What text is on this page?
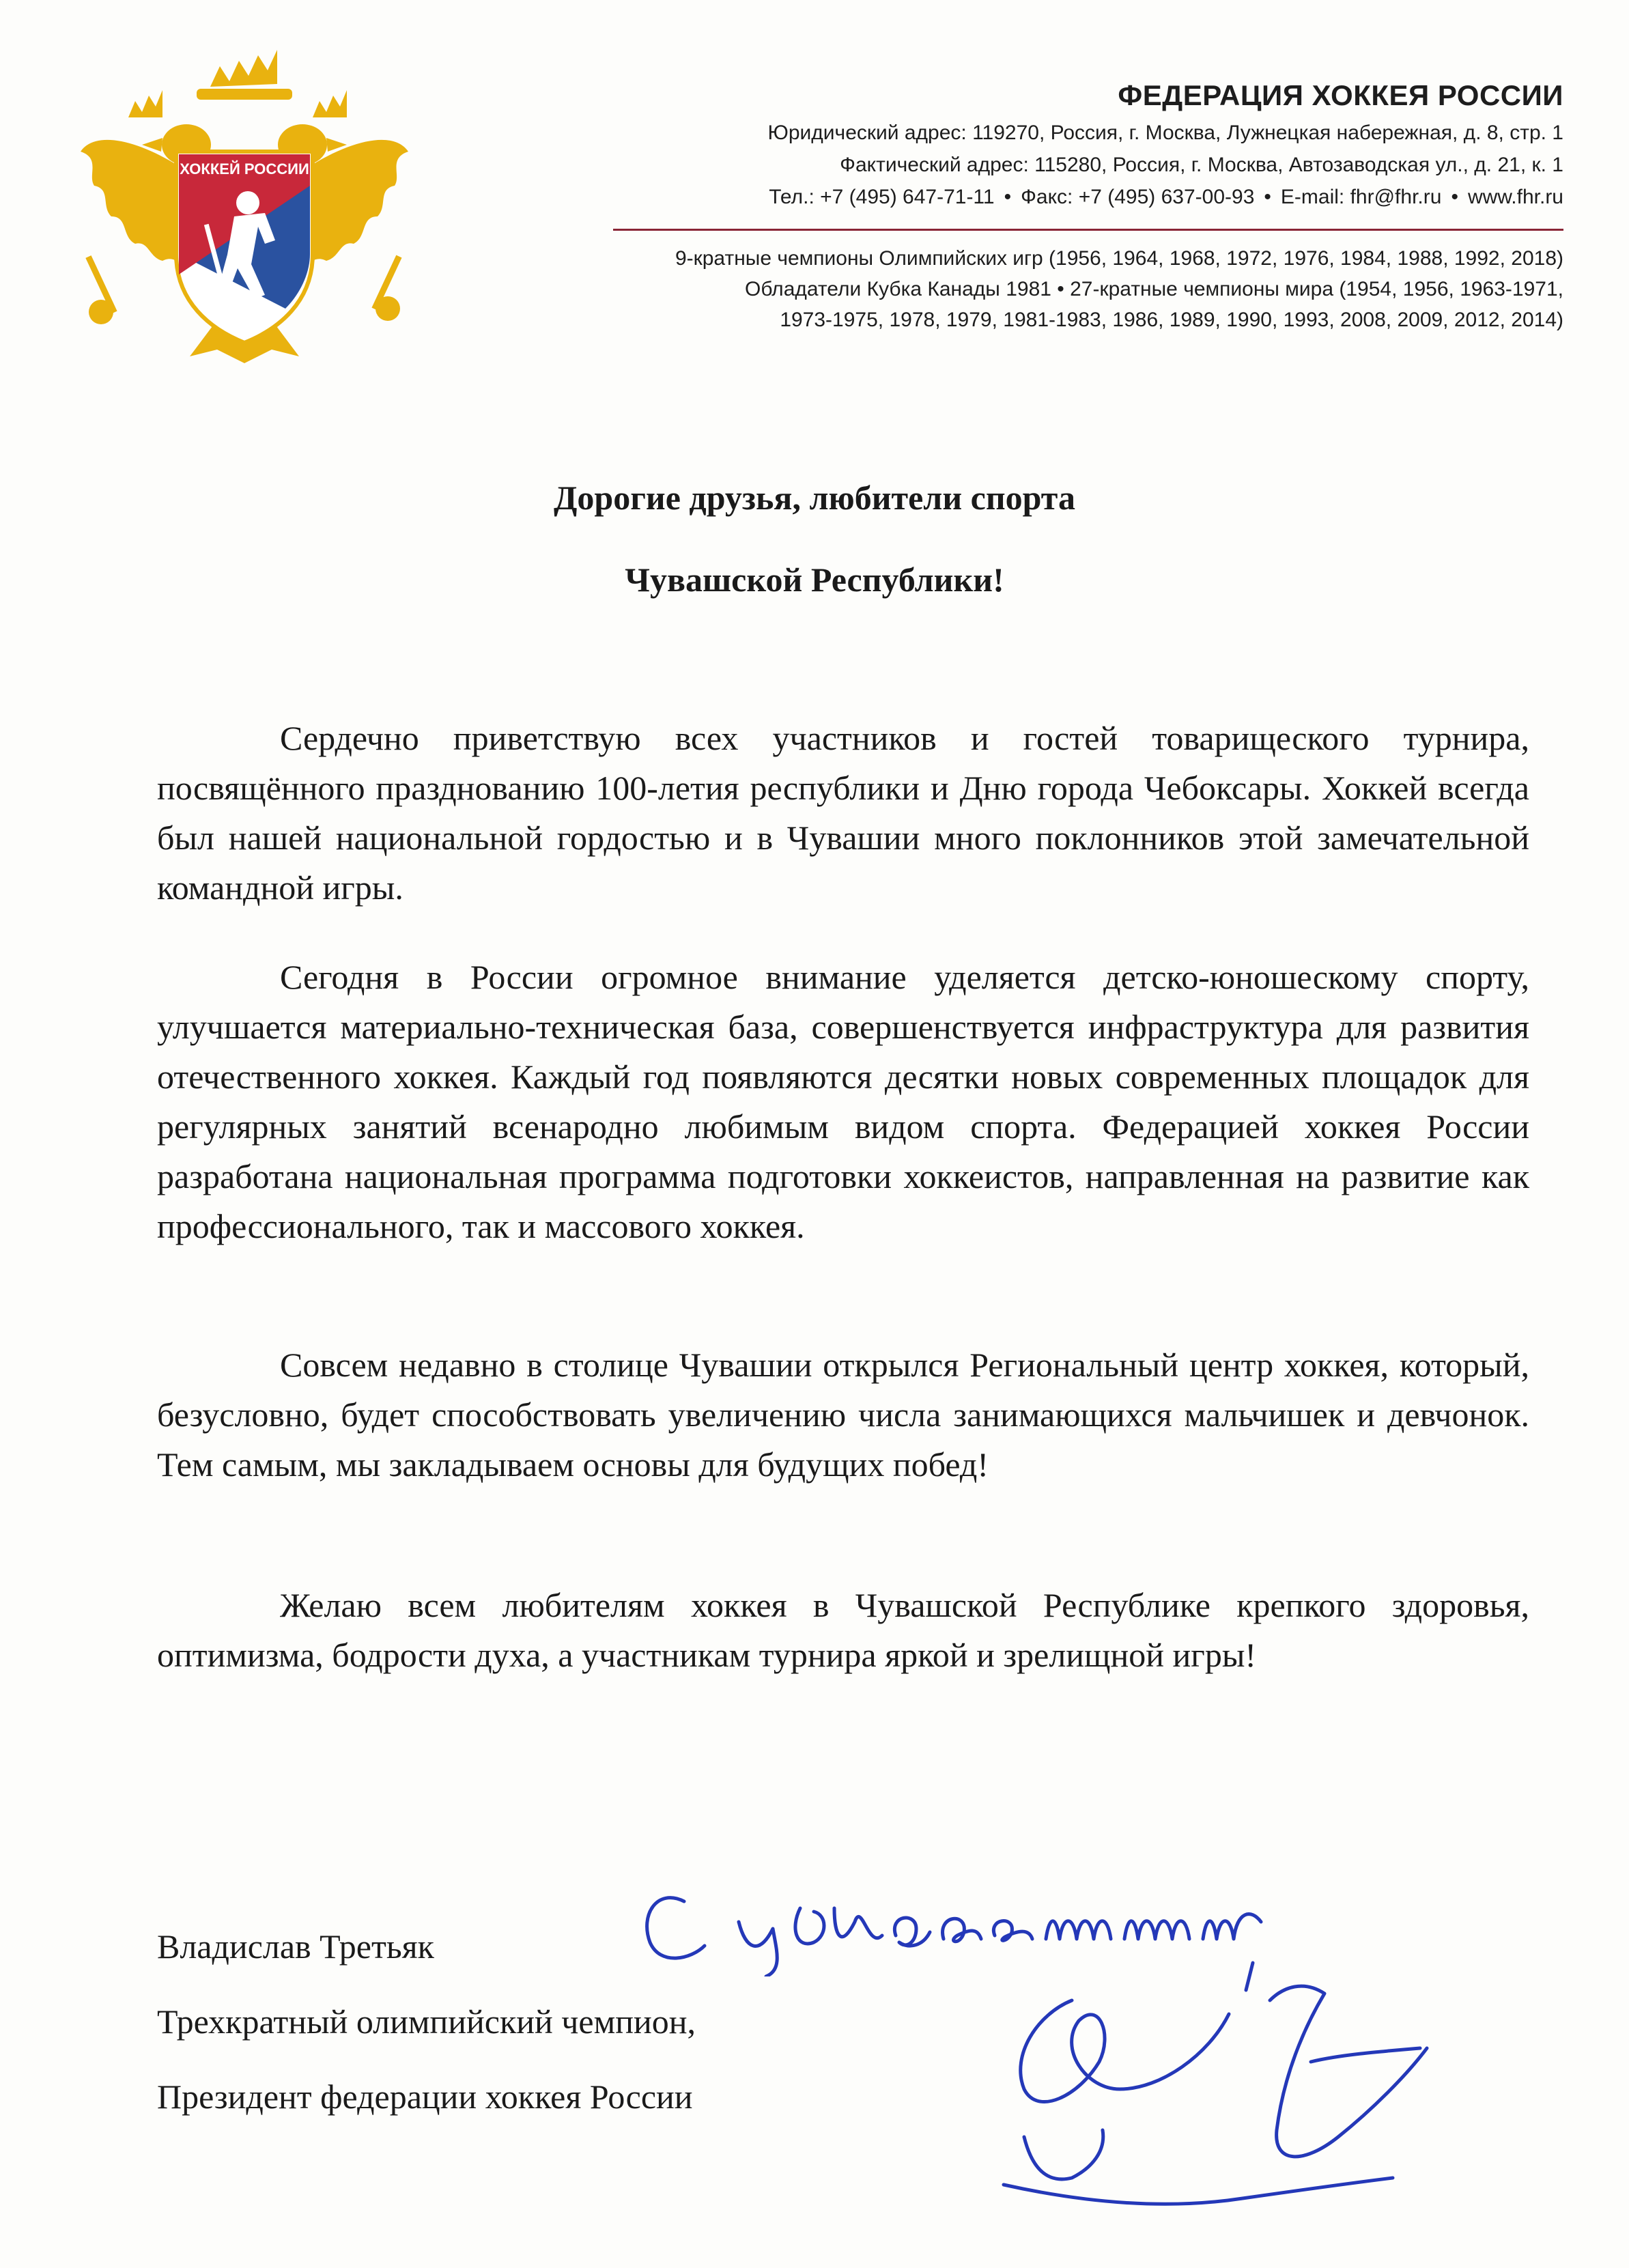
ХОККЕЙ РОССИИ
ФЕДЕРАЦИЯ ХОККЕЯ РОССИИ
Юридический адрес: 119270, Россия, г. Москва, Лужнецкая набережная, д. 8, стр. 1
Фактический адрес: 115280, Россия, г. Москва, Автозаводская ул., д. 21, к. 1
Тел.: +7 (495) 647-71-11 • Факс: +7 (495) 637-00-93 • E-mail: fhr@fhr.ru • www.fhr.ru
9-кратные чемпионы Олимпийских игр (1956, 1964, 1968, 1972, 1976, 1984, 1988, 1992, 2018)
Обладатели Кубка Канады 1981 • 27-кратные чемпионы мира (1954, 1956, 1963-1971,
1973-1975, 1978, 1979, 1981-1983, 1986, 1989, 1990, 1993, 2008, 2009, 2012, 2014)
Дорогие друзья, любители спорта
Чувашской Республики!

Сердечно приветствую всех участников и гостей товарищеского турнира, посвящённого празднованию 100-летия республики и Дню города Чебоксары. Хоккей всегда был нашей национальной гордостью и в Чувашии много поклонников этой замечательной командной игры.

Сегодня в России огромное внимание уделяется детско-юношескому спорту, улучшается материально-техническая база, совершенствуется инфраструктура для развития отечественного хоккея. Каждый год появляются десятки новых современных площадок для регулярных занятий всенародно любимым видом спорта. Федерацией хоккея России разработана национальная программа подготовки хоккеистов, направленная на развитие как профессионального, так и массового хоккея.

Совсем недавно в столице Чувашии открылся Региональный центр хоккея, который, безусловно, будет способствовать увеличению числа занимающихся мальчишек и девчонок. Тем самым, мы закладываем основы для будущих побед!

Желаю всем любителям хоккея в Чувашской Республике крепкого здоровья, оптимизма, бодрости духа, а участникам турнира яркой и зрелищной игры!

Владислав Третьяк
Трехкратный олимпийский чемпион,
Президент федерации хоккея России
